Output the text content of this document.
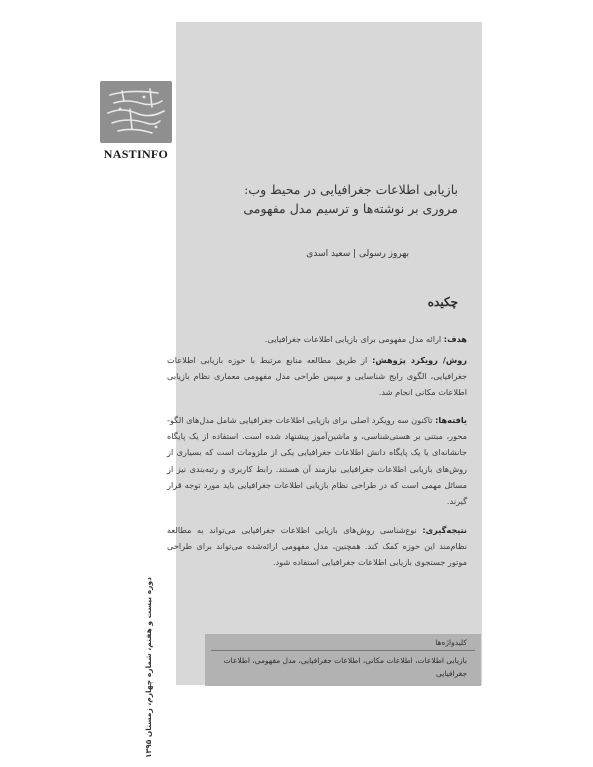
NASTINFO
بازیابی اطلاعات جغرافیایی در محیط وب:
مروری بر نوشته‌ها و ترسیم مدل مفهومی
بهروز رسولی | سعید اسدی
چکیده
هدف: ارائه مدل مفهومی برای بازیابی اطلاعات جغرافیایی.
روش/ رویکرد پژوهش: از طریق مطالعه منابع مرتبط با حوزه بازیابی اطلاعات جغرافیایی، الگوی رایج شناسایی و سپس طراحی مدل مفهومی معماری نظام بازیابی اطلاعات مکانی انجام شد.
یافته‌ها: تاکنون سه رویکرد اصلی برای بازیابی اطلاعات جغرافیایی شامل مدل‌های الگو- محور، مبتنی بر هستی‌شناسی، و ماشین‌آموز پیشنهاد شده است. استفاده از یک پایگاه جانشانه‌ای یا یک پایگاه دانش اطلاعات جغرافیایی یکی از ملزومات است که بسیاری از روش‌های بازیابی اطلاعات جغرافیایی نیازمند آن هستند. رابط کاربری و رتبه‌بندی نیز از مسائل مهمی است که در طراحی نظام بازیابی اطلاعات جغرافیایی باید مورد توجه قرار گیرند.
نتیجه‌گیری: نوع‌شناسی روش‌های بازیابی اطلاعات جغرافیایی می‌تواند به مطالعه نظام‌مند این حوزه کمک کند. همچنین، مدل مفهومی ارائه‌شده می‌تواند برای طراحی موتور جستجوی بازیابی اطلاعات جغرافیایی استفاده شود.
کلیدواژه‌ها
بازیابی اطلاعات، اطلاعات مکانی، اطلاعات جغرافیایی، مدل مفهومی، اطلاعات جغرافیایی
دوره بیست و هفتم، شماره چهارم، زمستان ۱۳۹۵
